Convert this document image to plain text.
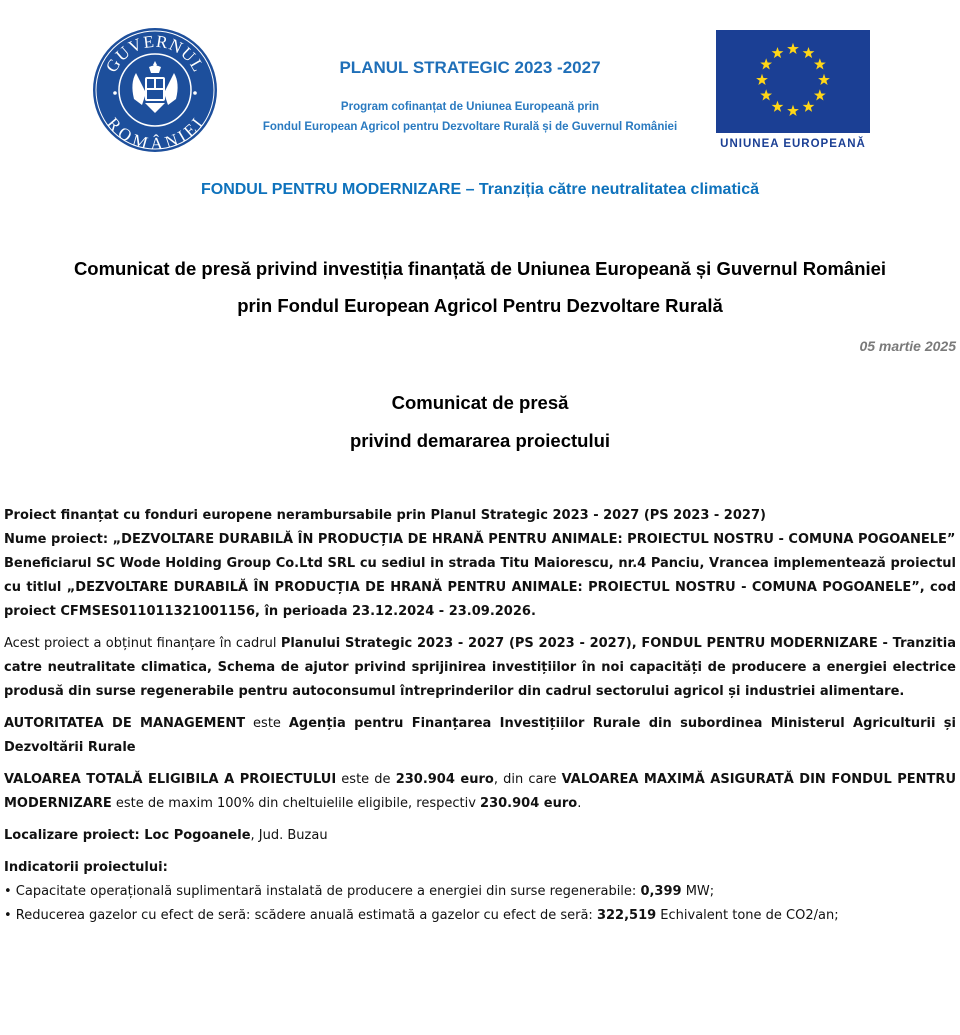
GUVERNUL
ROMÂNIEI
PLANUL STRATEGIC 2023 -2027
Program cofinanțat de Uniunea Europeană prin
Fondul European Agricol pentru Dezvoltare Rurală și de Guvernul României
UNIUNEA EUROPEANĂ
FONDUL PENTRU MODERNIZARE – Tranziția către neutralitatea climatică
Comunicat de presă privind investiția finanțată de Uniunea Europeană și Guvernul României
prin Fondul European Agricol Pentru Dezvoltare Rurală
05 martie 2025
Comunicat de presă
privind demararea proiectului

Proiect finanțat cu fonduri europene nerambursabile prin Planul Strategic 2023 - 2027 (PS 2023 - 2027)

Nume proiect: „DEZVOLTARE DURABILĂ ÎN PRODUCȚIA DE HRANĂ PENTRU ANIMALE: PROIECTUL NOSTRU - COMUNA POGOANELE”

Beneficiarul SC Wode Holding Group Co.Ltd SRL cu sediul in strada Titu Maiorescu, nr.4 Panciu, Vrancea implementează proiectul cu titlul „DEZVOLTARE DURABILĂ ÎN PRODUCȚIA DE HRANĂ PENTRU ANIMALE: PROIECTUL NOSTRU - COMUNA POGOANELE”, cod proiect CFMSES011011321001156, în perioada 23.12.2024 - 23.09.2026.

Acest proiect a obținut finanțare în cadrul Planului Strategic 2023 - 2027 (PS 2023 - 2027), FONDUL PENTRU MODERNIZARE - Tranzitia catre neutralitate climatica, Schema de ajutor privind sprijinirea investițiilor în noi capacități de producere a energiei electrice produsă din surse regenerabile pentru autoconsumul întreprinderilor din cadrul sectorului agricol și industriei alimentare.

AUTORITATEA DE MANAGEMENT este Agenția pentru Finanțarea Investițiilor Rurale din subordinea Ministerul Agriculturii și Dezvoltării Rurale

VALOAREA TOTALĂ ELIGIBILA A PROIECTULUI este de 230.904 euro, din care VALOAREA MAXIMĂ ASIGURATĂ DIN FONDUL PENTRU MODERNIZARE este de maxim 100% din cheltuielile eligibile, respectiv 230.904 euro.

Localizare proiect: Loc Pogoanele, Jud. Buzau

Indicatorii proiectului:

• Capacitate operațională suplimentară instalată de producere a energiei din surse regenerabile: 0,399 MW;

• Reducerea gazelor cu efect de seră: scădere anuală estimată a gazelor cu efect de seră: 322,519 Echivalent tone de CO2/an;
